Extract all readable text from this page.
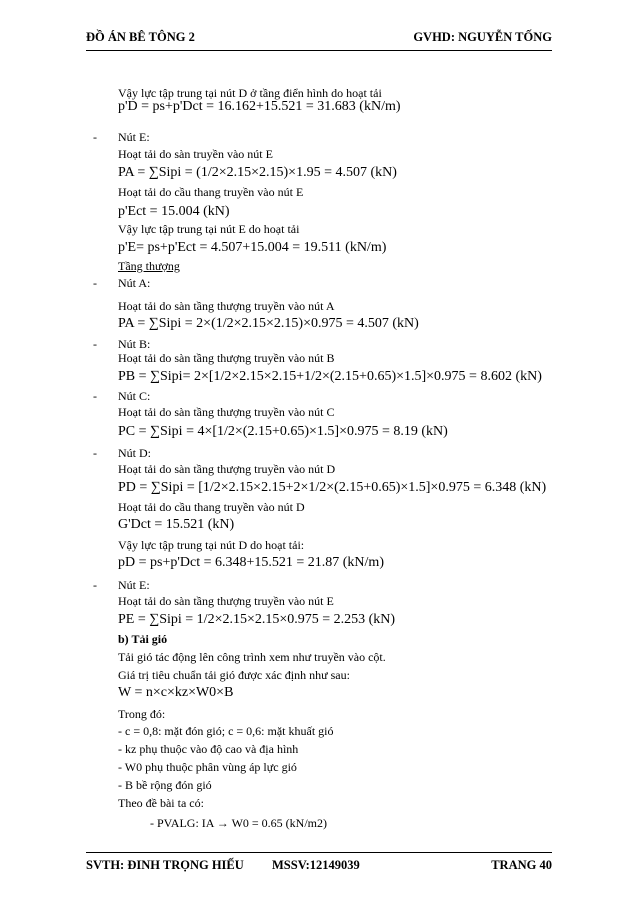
ĐỒ ÁN BÊ TÔNG 2	GVHD: NGUYỄN TỐNG
Vậy lực tập trung tại nút D ở tầng điển hình do hoạt tải
p'D = ps+p'Dct = 16.162+15.521 = 31.683 (kN/m)
- Nút E:
Hoạt tải do sàn truyền vào nút E
PA = ∑Sipi = (1/2×2.15×2.15)×1.95 = 4.507 (kN)
Hoạt tải do cầu thang truyền vào nút E
p'Ect = 15.004 (kN)
Vậy lực tập trung tại nút E do hoạt tải
p'E= ps+p'Ect = 4.507+15.004 = 19.511 (kN/m)
Tầng thượng
- Nút A:
Hoạt tải do sàn tầng thượng truyền vào nút A
PA = ∑Sipi = 2×(1/2×2.15×2.15)×0.975 = 4.507 (kN)
- Nút B:
Hoạt tải do sàn tầng thượng truyền vào nút B
PB = ∑Sipi= 2×[1/2×2.15×2.15+1/2×(2.15+0.65)×1.5]×0.975 = 8.602 (kN)
- Nút C:
Hoạt tải do sàn tầng thượng truyền vào nút C
PC = ∑Sipi = 4×[1/2×(2.15+0.65)×1.5]×0.975 = 8.19 (kN)
- Nút D:
Hoạt tải do sàn tầng thượng truyền vào nút D
PD = ∑Sipi = [1/2×2.15×2.15+2×1/2×(2.15+0.65)×1.5]×0.975 = 6.348 (kN)
Hoạt tải do cầu thang truyền vào nút D
G'Dct = 15.521 (kN)
Vậy lực tập trung tại nút D do hoạt tải:
pD = ps+p'Dct = 6.348+15.521 = 21.87 (kN/m)
- Nút E:
Hoạt tải do sàn tầng thượng truyền vào nút E
PE = ∑Sipi = 1/2×2.15×2.15×0.975 = 2.253 (kN)
b) Tải gió
Tải gió tác động lên công trình xem như truyền vào cột.
Giá trị tiêu chuẩn tải gió được xác định như sau:
W = n×c×kz×W0×B
Trong đó:
- c = 0,8: mặt đón gió; c = 0,6: mặt khuất gió
- kz phụ thuộc vào độ cao và địa hình
- W0 phụ thuộc phân vùng áp lực gió
- B bề rộng đón gió
Theo đề bài ta có:
- PVALG: IA → W0 = 0.65 (kN/m2)
SVTH: ĐINH TRỌNG HIẾU MSSV:12149039	TRANG 40
